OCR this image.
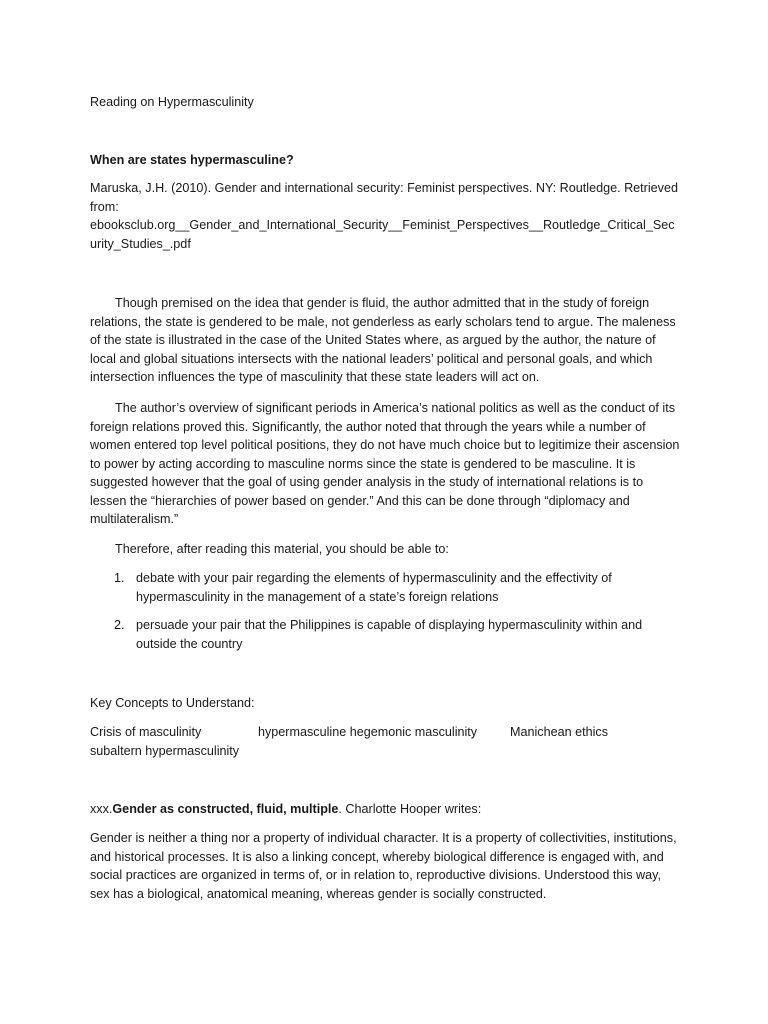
Reading on Hypermasculinity

When are states hypermasculine?

Maruska, J.H. (2010). Gender and international security: Feminist perspectives. NY: Routledge. Retrieved from:
ebooksclub.org__Gender_and_International_Security__Feminist_Perspectives__Routledge_Critical_Security_Studies_.pdf

Though premised on the idea that gender is fluid, the author admitted that in the study of foreign relations, the state is gendered to be male, not genderless as early scholars tend to argue. The maleness of the state is illustrated in the case of the United States where, as argued by the author, the nature of local and global situations intersects with the national leaders’ political and personal goals, and which intersection influences the type of masculinity that these state leaders will act on.

The author’s overview of significant periods in America’s national politics as well as the conduct of its foreign relations proved this. Significantly, the author noted that through the years while a number of women entered top level political positions, they do not have much choice but to legitimize their ascension to power by acting according to masculine norms since the state is gendered to be masculine. It is suggested however that the goal of using gender analysis in the study of international relations is to lessen the “hierarchies of power based on gender.” And this can be done through “diplomacy and multilateralism.”

Therefore, after reading this material, you should be able to:

1. debate with your pair regarding the elements of hypermasculinity and the effectivity of hypermasculinity in the management of a state’s foreign relations
2. persuade your pair that the Philippines is capable of displaying hypermasculinity within and outside the country

Key Concepts to Understand:

Crisis of masculinity	hypermasculine hegemonic masculinity	Manichean ethics
subaltern hypermasculinity

xxx.Gender as constructed, fluid, multiple. Charlotte Hooper writes:

Gender is neither a thing nor a property of individual character. It is a property of collectivities, institutions, and historical processes. It is also a linking concept, whereby biological difference is engaged with, and social practices are organized in terms of, or in relation to, reproductive divisions. Understood this way, sex has a biological, anatomical meaning, whereas gender is socially constructed.
